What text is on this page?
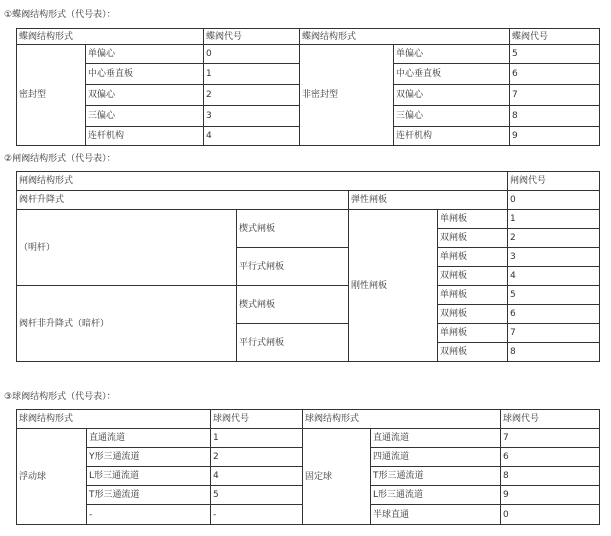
①蝶阀结构形式（代号表）：
蝶阀结构形式		蝶阀代号	蝶阀结构形式		蝶阀代号
密封型	单偏心	0	非密封型	单偏心	5
	中心垂直板	1		中心垂直板	6
	双偏心	2		双偏心	7
	三偏心	3		三偏心	8
	连杆机构	4		连杆机构	9
②闸阀结构形式（代号表）：
闸阀结构形式				闸阀代号
阀杆升降式		弹性闸板		0
（明杆）	楔式闸板	刚性闸板	单闸板	1
			双闸板	2
	平行式闸板		单闸板	3
			双闸板	4
阀杆非升降式（暗杆）	楔式闸板		单闸板	5
			双闸板	6
	平行式闸板		单闸板	7
			双闸板	8
③球阀结构形式（代号表）：
球阀结构形式		球阀代号	球阀结构形式		球阀代号
浮动球	直通流道	1	固定球	直通流道	7
	Y形三通流道	2		四通流道	6
	L形三通流道	4		T形三通流道	8
	T形三通流道	5		L形三通流道	9
	-	-		半球直通	0
